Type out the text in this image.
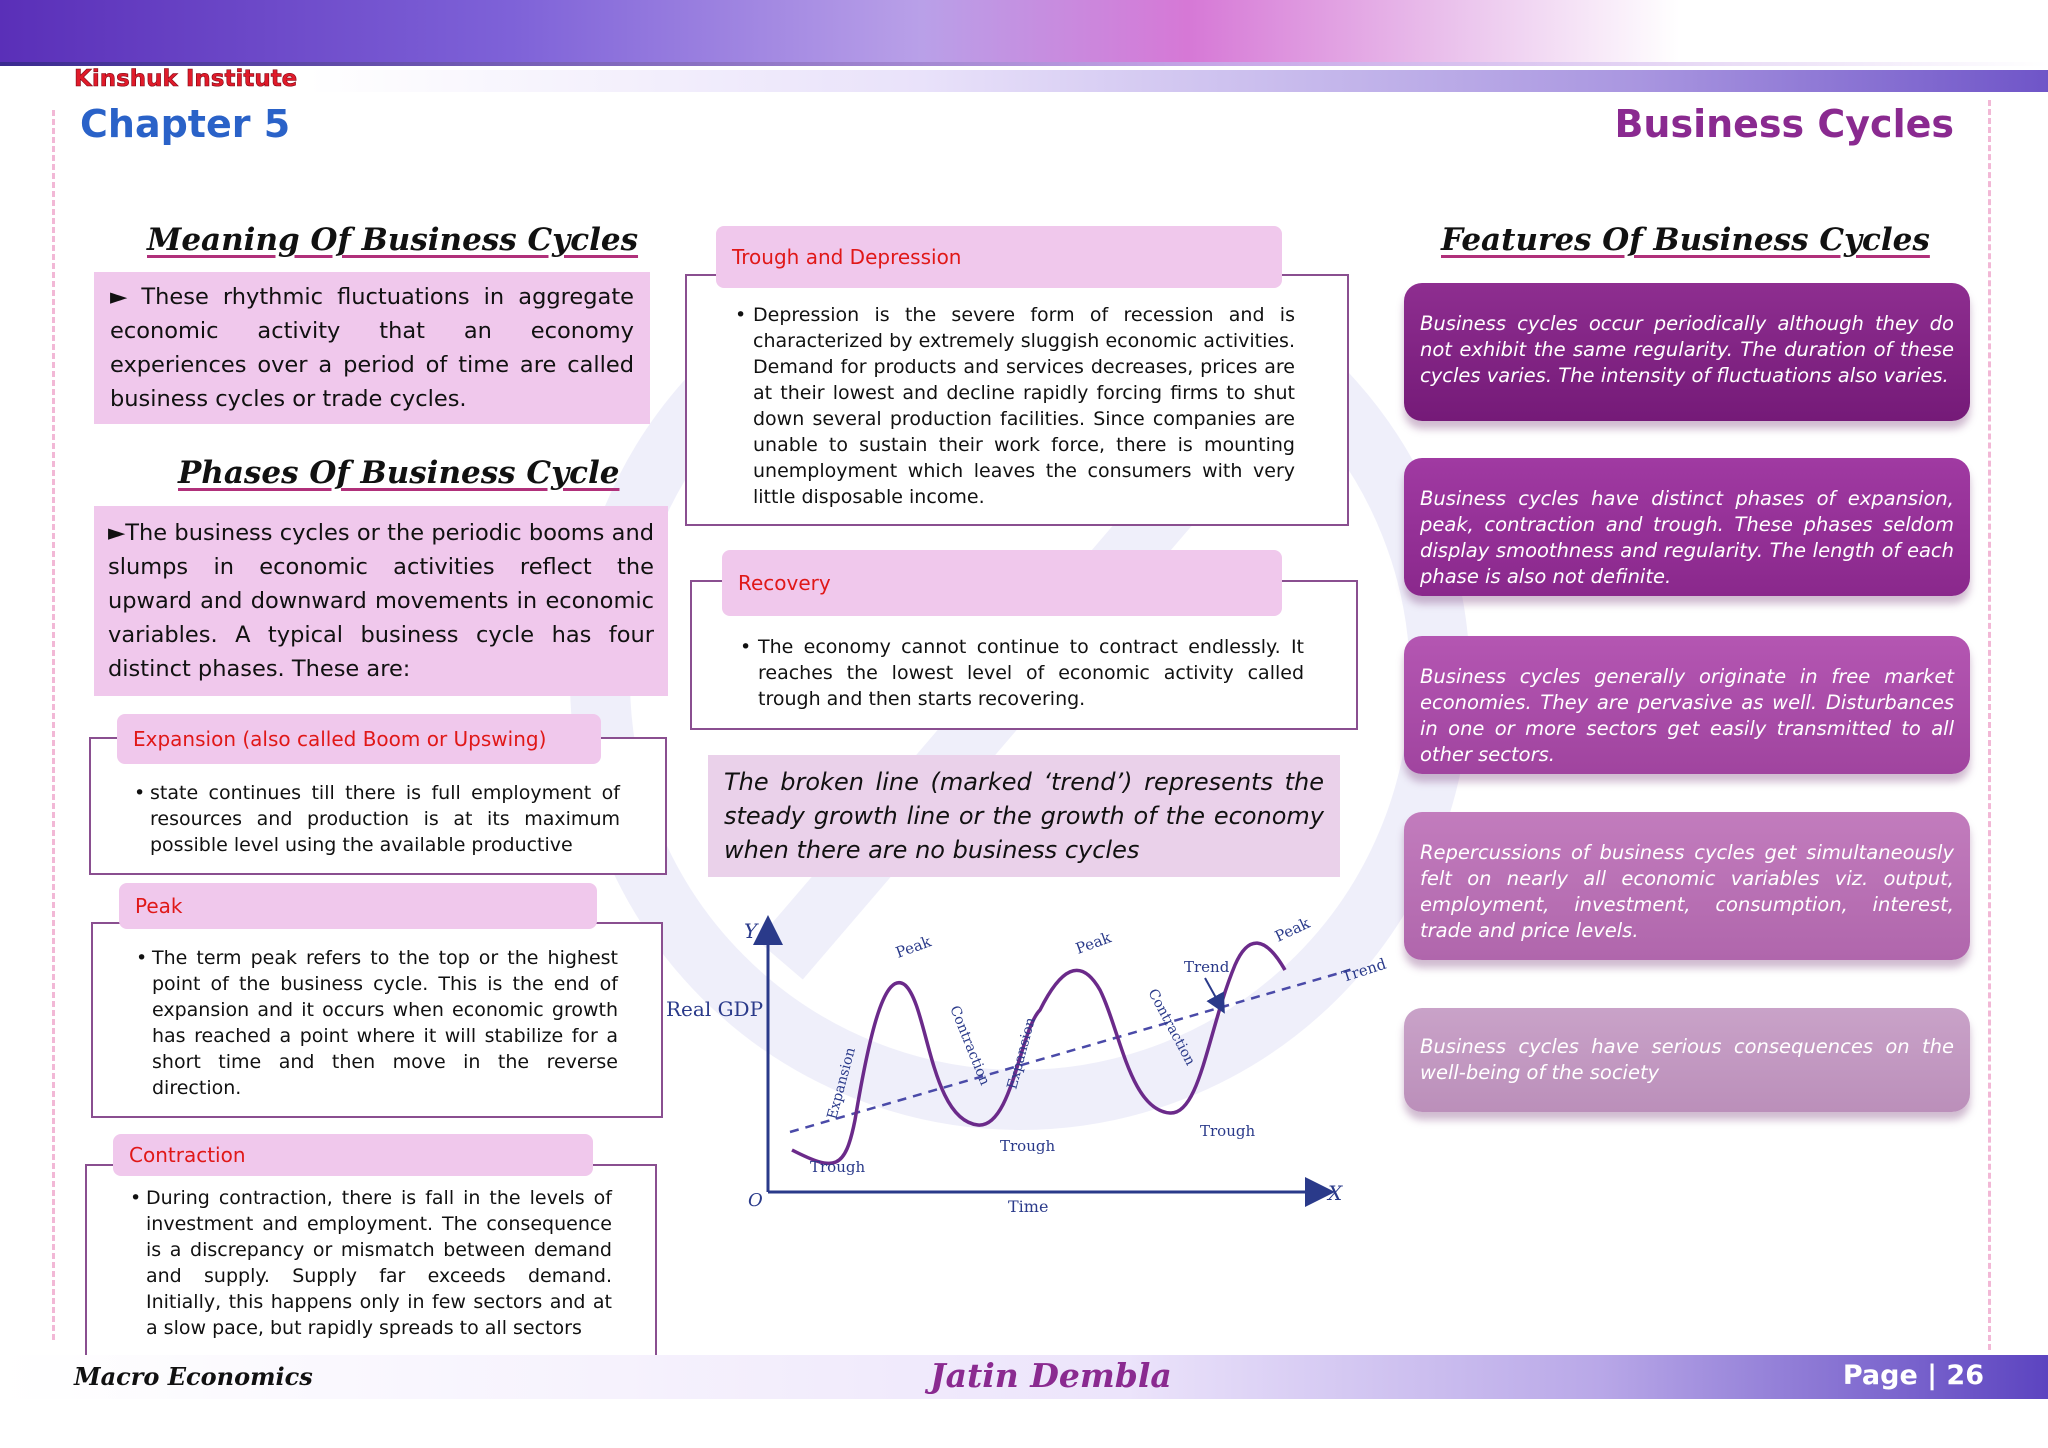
Kinshuk Institute
Chapter 5	Business Cycles
Meaning Of Business Cycles
► These rhythmic fluctuations in aggregate economic activity that an economy experiences over a period of time are called business cycles or trade cycles.
Phases Of Business Cycle
►The business cycles or the periodic booms and slumps in economic activities reflect the upward and downward movements in economic variables. A typical business cycle has four distinct phases. These are:
Expansion (also called Boom or Upswing)
• state continues till there is full employment of resources and production is at its maximum possible level using the available productive
Peak
• The term peak refers to the top or the highest point of the business cycle. This is the end of expansion and it occurs when economic growth has reached a point where it will stabilize for a short time and then move in the reverse direction.
Contraction
• During contraction, there is fall in the levels of investment and employment. The consequence is a discrepancy or mismatch between demand and supply. Supply far exceeds demand. Initially, this happens only in few sectors and at a slow pace, but rapidly spreads to all sectors
Trough and Depression
• Depression is the severe form of recession and is characterized by extremely sluggish economic activities. Demand for products and services decreases, prices are at their lowest and decline rapidly forcing firms to shut down several production facilities. Since companies are unable to sustain their work force, there is mounting unemployment which leaves the consumers with very little disposable income.
Recovery
• The economy cannot continue to contract endlessly. It reaches the lowest level of economic activity called trough and then starts recovering.
The broken line (marked ‘trend’) represents the steady growth line or the growth of the economy when there are no business cycles
Y
X
O
Real GDP
Time
Expansion
Peak
Contraction
Trough
Expansion
Peak
Contraction
Trough
Trough
Peak
Trend	Trend
Features Of Business Cycles
Business cycles occur periodically although they do not exhibit the same regularity. The duration of these cycles varies. The intensity of fluctuations also varies.
Business cycles have distinct phases of expansion, peak, contraction and trough. These phases seldom display smoothness and regularity. The length of each phase is also not definite.
Business cycles generally originate in free market economies. They are pervasive as well. Disturbances in one or more sectors get easily transmitted to all other sectors.
Repercussions of business cycles get simultaneously felt on nearly all economic variables viz. output, employment, investment, consumption, interest, trade and price levels.
Business cycles have serious consequences on the well-being of the society
Macro Economics	Jatin Dembla	Page | 26
